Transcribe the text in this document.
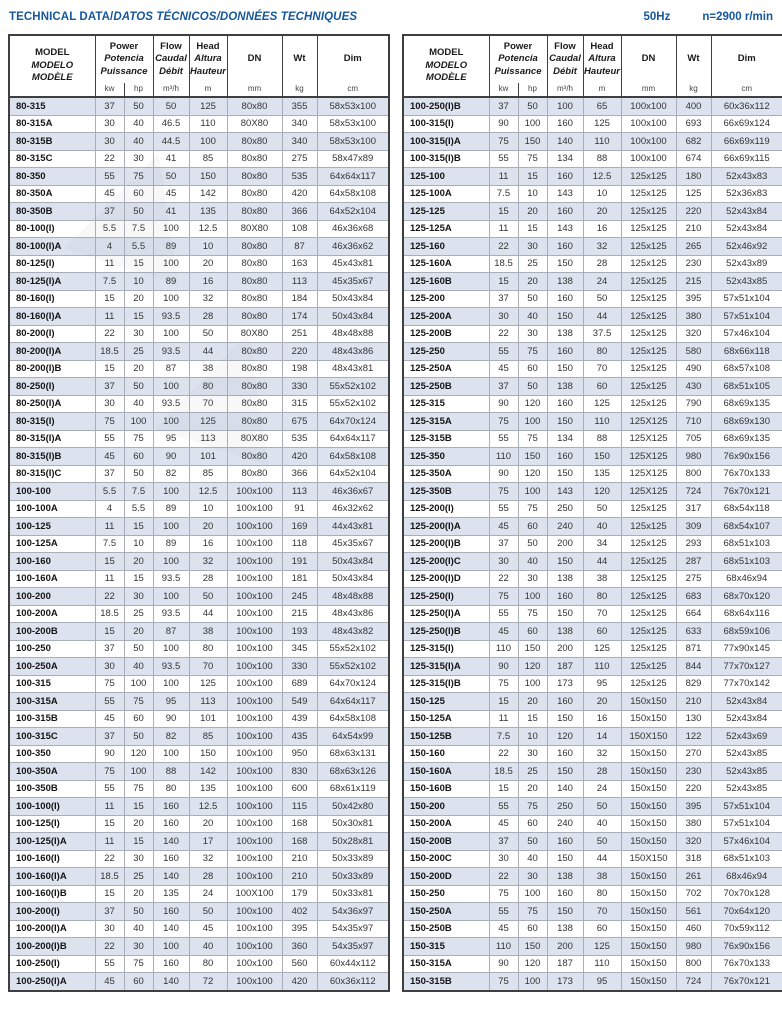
TECHNICAL DATA/DATOS TÉCNICOS/DONNÉES TECHNIQUES	50Hz	n=2900 r/min
MODEL
MODELO
MODÈLE

Power
Potencia
Puissance
kw	hp

Flow
Caudal
Débit
m³/h

Head
Altura
Hauteur
m

DN
mm

Wt
kg

Dim
cm

80-315	37	50	50	125	80x80	355	58x53x100
80-315A	30	40	46.5	110	80X80	340	58x53x100
80-315B	30	40	44.5	100	80x80	340	58x53x100
80-315C	22	30	41	85	80x80	275	58x47x89
80-350	55	75	50	150	80x80	535	64x64x117
80-350A	45	60	45	142	80x80	420	64x58x108
80-350B	37	50	41	135	80x80	366	64x52x104
80-100(I)	5.5	7.5	100	12.5	80X80	108	46x36x68
80-100(I)A	4	5.5	89	10	80x80	87	46x36x62
80-125(I)	11	15	100	20	80x80	163	45x43x81
80-125(I)A	7.5	10	89	16	80x80	113	45x35x67
80-160(I)	15	20	100	32	80x80	184	50x43x84
80-160(I)A	11	15	93.5	28	80x80	174	50x43x84
80-200(I)	22	30	100	50	80X80	251	48x48x88
80-200(I)A	18.5	25	93.5	44	80x80	220	48x43x86
80-200(I)B	15	20	87	38	80x80	198	48x43x81
80-250(I)	37	50	100	80	80x80	330	55x52x102
80-250(I)A	30	40	93.5	70	80x80	315	55x52x102
80-315(I)	75	100	100	125	80x80	675	64x70x124
80-315(I)A	55	75	95	113	80X80	535	64x64x117
80-315(I)B	45	60	90	101	80x80	420	64x58x108
80-315(I)C	37	50	82	85	80x80	366	64x52x104
100-100	5.5	7.5	100	12.5	100x100	113	46x36x67
100-100A	4	5.5	89	10	100x100	91	46x32x62
100-125	11	15	100	20	100x100	169	44x43x81
100-125A	7.5	10	89	16	100x100	118	45x35x67
100-160	15	20	100	32	100x100	191	50x43x84
100-160A	11	15	93.5	28	100x100	181	50x43x84
100-200	22	30	100	50	100x100	245	48x48x88
100-200A	18.5	25	93.5	44	100x100	215	48x43x86
100-200B	15	20	87	38	100x100	193	48x43x82
100-250	37	50	100	80	100x100	345	55x52x102
100-250A	30	40	93.5	70	100x100	330	55x52x102
100-315	75	100	100	125	100x100	689	64x70x124
100-315A	55	75	95	113	100x100	549	64x64x117
100-315B	45	60	90	101	100x100	439	64x58x108
100-315C	37	50	82	85	100x100	435	64x54x99
100-350	90	120	100	150	100x100	950	68x63x131
100-350A	75	100	88	142	100x100	830	68x63x126
100-350B	55	75	80	135	100x100	600	68x61x119
100-100(I)	11	15	160	12.5	100x100	115	50x42x80
100-125(I)	15	20	160	20	100x100	168	50x30x81
100-125(I)A	11	15	140	17	100x100	168	50x28x81
100-160(I)	22	30	160	32	100x100	210	50x33x89
100-160(I)A	18.5	25	140	28	100x100	210	50x33x89
100-160(I)B	15	20	135	24	100X100	179	50x33x81
100-200(I)	37	50	160	50	100x100	402	54x36x97
100-200(I)A	30	40	140	45	100x100	395	54x35x97
100-200(I)B	22	30	100	40	100x100	360	54x35x97
100-250(I)	55	75	160	80	100x100	560	60x44x112
100-250(I)A	45	60	140	72	100x100	420	60x36x112
MODEL
MODELO
MODÈLE

Power
Potencia
Puissance
kw	hp

Flow
Caudal
Débit
m³/h

Head
Altura
Hauteur
m

DN
mm

Wt
kg

Dim
cm

100-250(I)B	37	50	100	65	100x100	400	60x36x112
100-315(I)	90	100	160	125	100x100	693	66x69x124
100-315(I)A	75	150	140	110	100x100	682	66x69x119
100-315(I)B	55	75	134	88	100x100	674	66x69x115
125-100	11	15	160	12.5	125x125	180	52x43x83
125-100A	7.5	10	143	10	125x125	125	52x36x83
125-125	15	20	160	20	125x125	220	52x43x84
125-125A	11	15	143	16	125x125	210	52x43x84
125-160	22	30	160	32	125x125	265	52x46x92
125-160A	18.5	25	150	28	125x125	230	52x43x89
125-160B	15	20	138	24	125x125	215	52x43x85
125-200	37	50	160	50	125x125	395	57x51x104
125-200A	30	40	150	44	125x125	380	57x51x104
125-200B	22	30	138	37.5	125x125	320	57x46x104
125-250	55	75	160	80	125x125	580	68x66x118
125-250A	45	60	150	70	125x125	490	68x57x108
125-250B	37	50	138	60	125x125	430	68x51x105
125-315	90	120	160	125	125x125	790	68x69x135
125-315A	75	100	150	110	125X125	710	68x69x130
125-315B	55	75	134	88	125X125	705	68x69x135
125-350	110	150	160	150	125X125	980	76x90x156
125-350A	90	120	150	135	125X125	800	76x70x133
125-350B	75	100	143	120	125X125	724	76x70x121
125-200(I)	55	75	250	50	125x125	317	68x54x118
125-200(I)A	45	60	240	40	125x125	309	68x54x107
125-200(I)B	37	50	200	34	125x125	293	68x51x103
125-200(I)C	30	40	150	44	125x125	287	68x51x103
125-200(I)D	22	30	138	38	125x125	275	68x46x94
125-250(I)	75	100	160	80	125x125	683	68x70x120
125-250(I)A	55	75	150	70	125x125	664	68x64x116
125-250(I)B	45	60	138	60	125x125	633	68x59x106
125-315(I)	110	150	200	125	125x125	871	77x90x145
125-315(I)A	90	120	187	110	125x125	844	77x70x127
125-315(I)B	75	100	173	95	125x125	829	77x70x142
150-125	15	20	160	20	150x150	210	52x43x84
150-125A	11	15	150	16	150x150	130	52x43x84
150-125B	7.5	10	120	14	150X150	122	52x43x69
150-160	22	30	160	32	150x150	270	52x43x85
150-160A	18.5	25	150	28	150x150	230	52x43x85
150-160B	15	20	140	24	150x150	220	52x43x85
150-200	55	75	250	50	150x150	395	57x51x104
150-200A	45	60	240	40	150x150	380	57x51x104
150-200B	37	50	160	50	150x150	320	57x46x104
150-200C	30	40	150	44	150X150	318	68x51x103
150-200D	22	30	138	38	150x150	261	68x46x94
150-250	75	100	160	80	150x150	702	70x70x128
150-250A	55	75	150	70	150x150	561	70x64x120
150-250B	45	60	138	60	150x150	460	70x59x112
150-315	110	150	200	125	150x150	980	76x90x156
150-315A	90	120	187	110	150x150	800	76x70x133
150-315B	75	100	173	95	150x150	724	76x70x121
